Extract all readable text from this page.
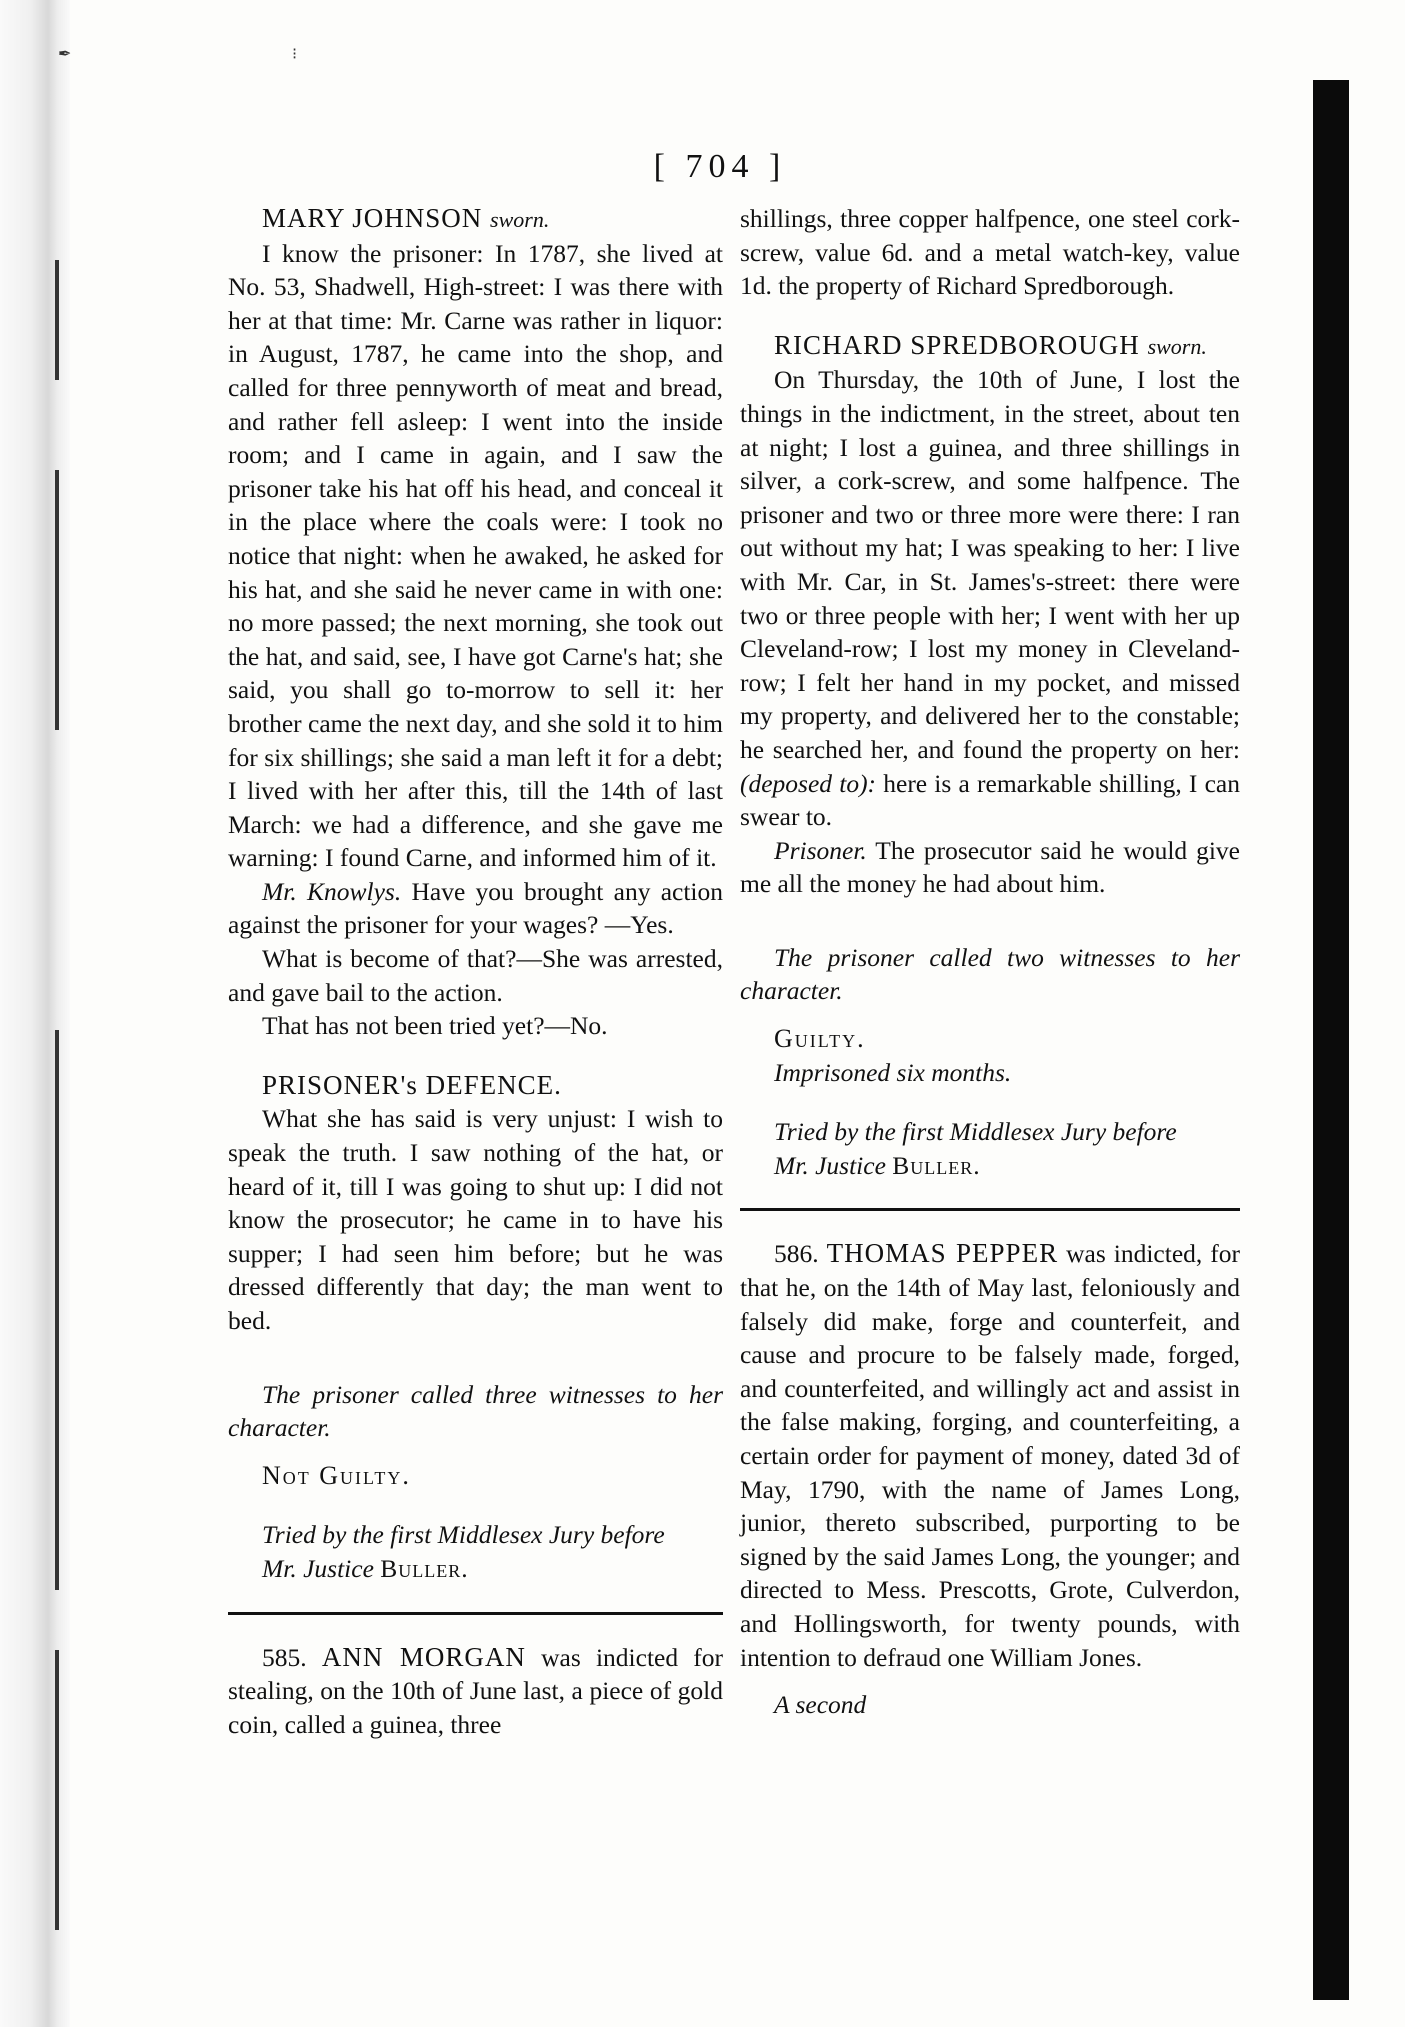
✒	⁝
[ 704 ]

MARY JOHNSON sworn.

I know the prisoner: In 1787, she lived at No. 53, Shadwell, High-street: I was there with her at that time: Mr. Carne was rather in liquor: in August, 1787, he came into the shop, and called for three pennyworth of meat and bread, and rather fell asleep: I went into the inside room; and I came in again, and I saw the prisoner take his hat off his head, and conceal it in the place where the coals were: I took no notice that night: when he awaked, he asked for his hat, and she said he never came in with one: no more passed; the next morning, she took out the hat, and said, see, I have got Carne's hat; she said, you shall go to-morrow to sell it: her brother came the next day, and she sold it to him for six shillings; she said a man left it for a debt; I lived with her after this, till the 14th of last March: we had a difference, and she gave me warning: I found Carne, and informed him of it.

Mr. Knowlys. Have you brought any action against the prisoner for your wages? —Yes.

What is become of that?—She was arrested, and gave bail to the action.

That has not been tried yet?—No.

PRISONER's DEFENCE.

What she has said is very unjust: I wish to speak the truth. I saw nothing of the hat, or heard of it, till I was going to shut up: I did not know the prosecutor; he came in to have his supper; I had seen him before; but he was dressed differently that day; the man went to bed.

The prisoner called three witnesses to her character.

Not Guilty.

Tried by the first Middlesex Jury before

Mr. Justice Buller.

585. ANN MORGAN was indicted for stealing, on the 10th of June last, a piece of gold coin, called a guinea, three

shillings, three copper halfpence, one steel cork-screw, value 6d. and a metal watch-key, value 1d. the property of Richard Spredborough.

RICHARD SPREDBOROUGH sworn.

On Thursday, the 10th of June, I lost the things in the indictment, in the street, about ten at night; I lost a guinea, and three shillings in silver, a cork-screw, and some halfpence. The prisoner and two or three more were there: I ran out without my hat; I was speaking to her: I live with Mr. Car, in St. James's-street: there were two or three people with her; I went with her up Cleveland-row; I lost my money in Cleveland-row; I felt her hand in my pocket, and missed my property, and delivered her to the constable; he searched her, and found the property on her: (deposed to): here is a remarkable shilling, I can swear to.

Prisoner. The prosecutor said he would give me all the money he had about him.

The prisoner called two witnesses to her character.

Guilty.

Imprisoned six months.

Tried by the first Middlesex Jury before

Mr. Justice Buller.

586. THOMAS PEPPER was indicted, for that he, on the 14th of May last, feloniously and falsely did make, forge and counterfeit, and cause and procure to be falsely made, forged, and counterfeited, and willingly act and assist in the false making, forging, and counterfeiting, a certain order for payment of money, dated 3d of May, 1790, with the name of James Long, junior, thereto subscribed, purporting to be signed by the said James Long, the younger; and directed to Mess. Prescotts, Grote, Culverdon, and Hollingsworth, for twenty pounds, with intention to defraud one William Jones.

A second
